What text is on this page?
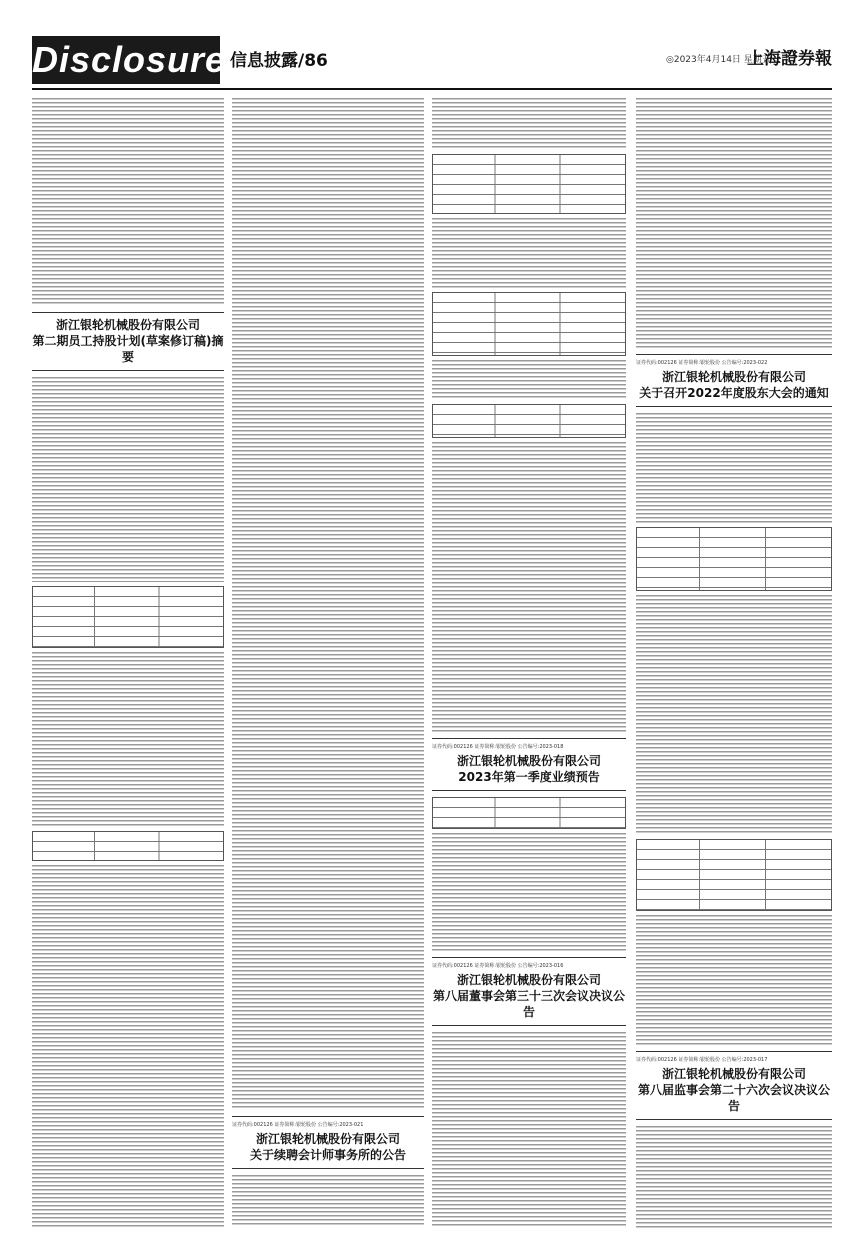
Disclosure 信息披露/86	◎2023年4月14日 星期五
上海證券報
浙江银轮机械股份有限公司
第二期员工持股计划(草案修订稿)摘要
证券代码:002126 证券简称:银轮股份 公告编号:2023-021
浙江银轮机械股份有限公司
关于续聘会计师事务所的公告
证券代码:002126 证券简称:银轮股份 公告编号:2023-018
浙江银轮机械股份有限公司
2023年第一季度业绩预告
证券代码:002126 证券简称:银轮股份 公告编号:2023-016
浙江银轮机械股份有限公司
第八届董事会第三十三次会议决议公告
证券代码:002126 证券简称:银轮股份 公告编号:2023-022
浙江银轮机械股份有限公司
关于召开2022年度股东大会的通知
证券代码:002126 证券简称:银轮股份 公告编号:2023-017
浙江银轮机械股份有限公司
第八届监事会第二十六次会议决议公告
